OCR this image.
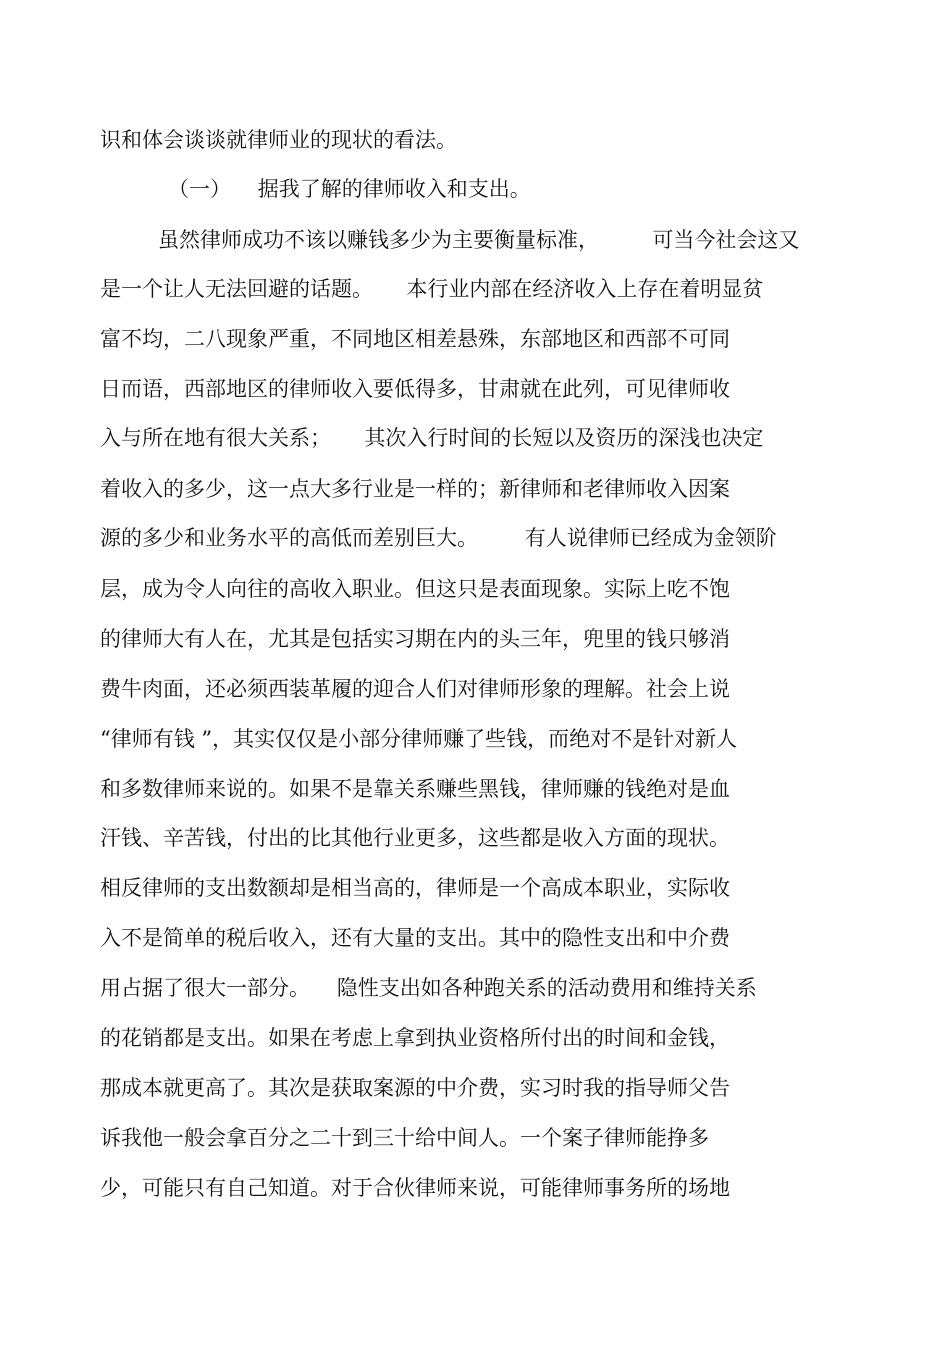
识和体会谈谈就律师业的现状的看法。
（一）    据我了解的律师收入和支出。
虽然律师成功不该以赚钱多少为主要衡量标准，        可当今社会这又
是一个让人无法回避的话题。     本行业内部在经济收入上存在着明显贫
富不均，二八现象严重，不同地区相差悬殊，东部地区和西部不可同
日而语，西部地区的律师收入要低得多，甘肃就在此列，可见律师收
入与所在地有很大关系；     其次入行时间的长短以及资历的深浅也决定
着收入的多少，这一点大多行业是一样的；新律师和老律师收入因案
源的多少和业务水平的高低而差别巨大。       有人说律师已经成为金领阶
层，成为令人向往的高收入职业。但这只是表面现象。实际上吃不饱
的律师大有人在，尤其是包括实习期在内的头三年，兜里的钱只够消
费牛肉面，还必须西装革履的迎合人们对律师形象的理解。社会上说
“律师有钱 ”，其实仅仅是小部分律师赚了些钱，而绝对不是针对新人
和多数律师来说的。如果不是靠关系赚些黑钱，律师赚的钱绝对是血
汗钱、辛苦钱，付出的比其他行业更多，这些都是收入方面的现状。
相反律师的支出数额却是相当高的，律师是一个高成本职业，实际收
入不是简单的税后收入，还有大量的支出。其中的隐性支出和中介费
用占据了很大一部分。    隐性支出如各种跑关系的活动费用和维持关系
的花销都是支出。如果在考虑上拿到执业资格所付出的时间和金钱，
那成本就更高了。其次是获取案源的中介费，实习时我的指导师父告
诉我他一般会拿百分之二十到三十给中间人。一个案子律师能挣多
少，可能只有自己知道。对于合伙律师来说，可能律师事务所的场地
